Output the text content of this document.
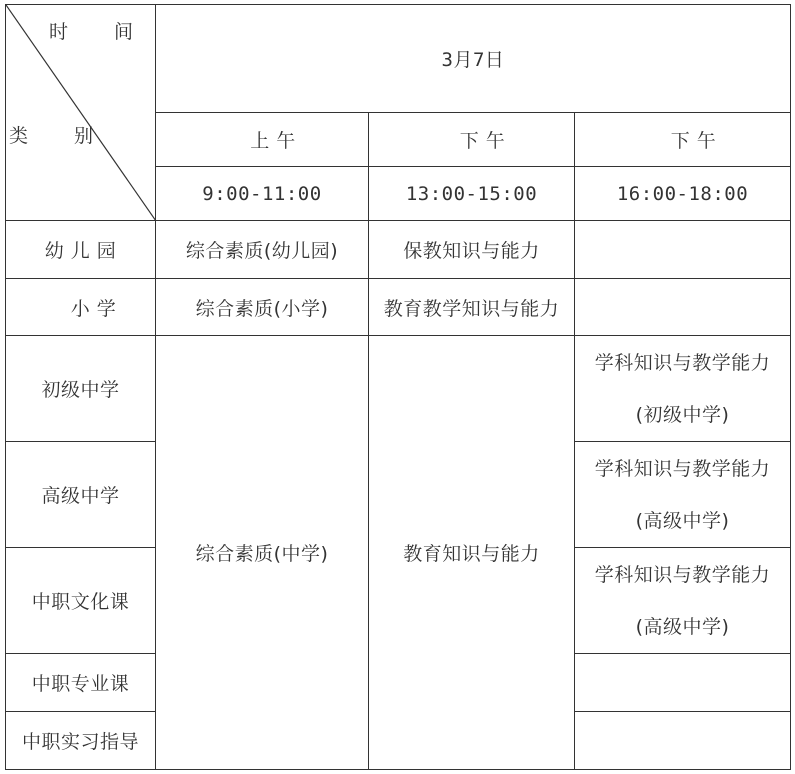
时 间
类 别	3月7日		
	上 午	下 午	下 午
	9:00-11:00	13:00-15:00	16:00-18:00
幼 儿 园	综合素质(幼儿园)	保教知识与能力	
小 学	综合素质(小学)	教育教学知识与能力	
初级中学	综合素质(中学)	教育知识与能力	学科知识与教学能力
(初级中学)

高级中学			学科知识与教学能力
(高级中学)

中职文化课			学科知识与教学能力
(高级中学)

中职专业课			
中职实习指导			
